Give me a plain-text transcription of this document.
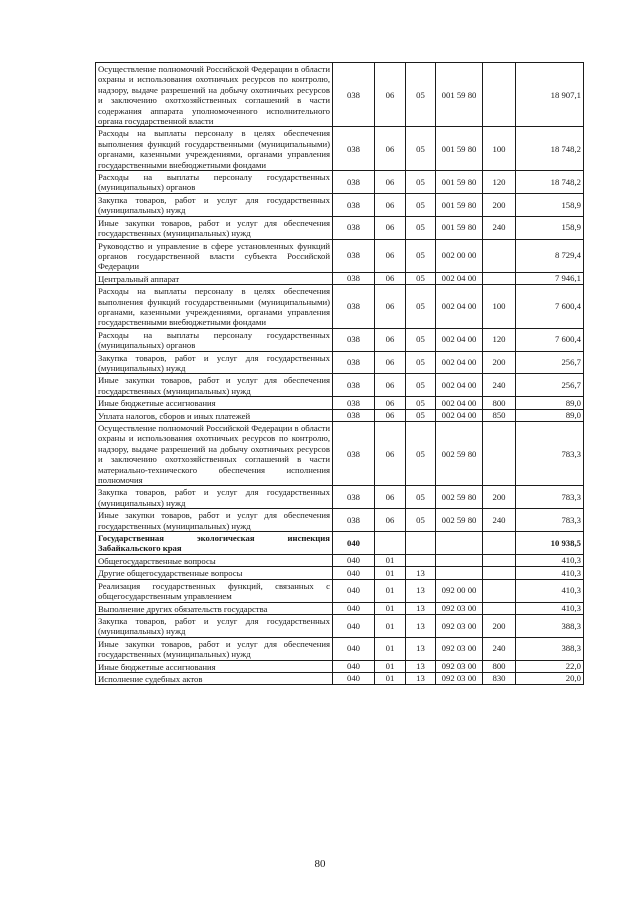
Осуществление полномочий Российской Федерации в области охраны и использования охотничьих ресурсов по контролю, надзору, выдаче разрешений на добычу охотничьих ресурсов и заключению охотхозяйственных соглашений в части содержания аппарата уполномоченного исполнительного органа государственной власти	038	06	05	001 59 80		18 907,1
Расходы на выплаты персоналу в целях обеспечения выполнения функций государственными (муниципальными) органами, казенными учреждениями, органами управления государственными внебюджетными фондами	038	06	05	001 59 80	100	18 748,2
Расходы на выплаты персоналу государственных (муниципальных) органов	038	06	05	001 59 80	120	18 748,2
Закупка товаров, работ и услуг для государственных (муниципальных) нужд	038	06	05	001 59 80	200	158,9
Иные закупки товаров, работ и услуг для обеспечения государственных (муниципальных) нужд	038	06	05	001 59 80	240	158,9
Руководство и управление в сфере установленных функций органов государственной власти субъекта Российской Федерации	038	06	05	002 00 00		8 729,4
Центральный аппарат	038	06	05	002 04 00		7 946,1
Расходы на выплаты персоналу в целях обеспечения выполнения функций государственными (муниципальными) органами, казенными учреждениями, органами управления государственными внебюджетными фондами	038	06	05	002 04 00	100	7 600,4
Расходы на выплаты персоналу государственных (муниципальных) органов	038	06	05	002 04 00	120	7 600,4
Закупка товаров, работ и услуг для государственных (муниципальных) нужд	038	06	05	002 04 00	200	256,7
Иные закупки товаров, работ и услуг для обеспечения государственных (муниципальных) нужд	038	06	05	002 04 00	240	256,7
Иные бюджетные ассигнования	038	06	05	002 04 00	800	89,0
Уплата налогов, сборов и иных платежей	038	06	05	002 04 00	850	89,0
Осуществление полномочий Российской Федерации в области охраны и использования охотничьих ресурсов по контролю, надзору, выдаче разрешений на добычу охотничьих ресурсов и заключению охотхозяйственных соглашений в части материально-технического обеспечения исполнения полномочия	038	06	05	002 59 80		783,3
Закупка товаров, работ и услуг для государственных (муниципальных) нужд	038	06	05	002 59 80	200	783,3
Иные закупки товаров, работ и услуг для обеспечения государственных (муниципальных) нужд	038	06	05	002 59 80	240	783,3
Государственная экологическая инспекция Забайкальского края	040					10 938,5
Общегосударственные вопросы	040	01				410,3
Другие общегосударственные вопросы	040	01	13			410,3
Реализация государственных функций, связанных с общегосударственным управлением	040	01	13	092 00 00		410,3
Выполнение других обязательств государства	040	01	13	092 03 00		410,3
Закупка товаров, работ и услуг для государственных (муниципальных) нужд	040	01	13	092 03 00	200	388,3
Иные закупки товаров, работ и услуг для обеспечения государственных (муниципальных) нужд	040	01	13	092 03 00	240	388,3
Иные бюджетные ассигнования	040	01	13	092 03 00	800	22,0
Исполнение судебных актов	040	01	13	092 03 00	830	20,0
80
